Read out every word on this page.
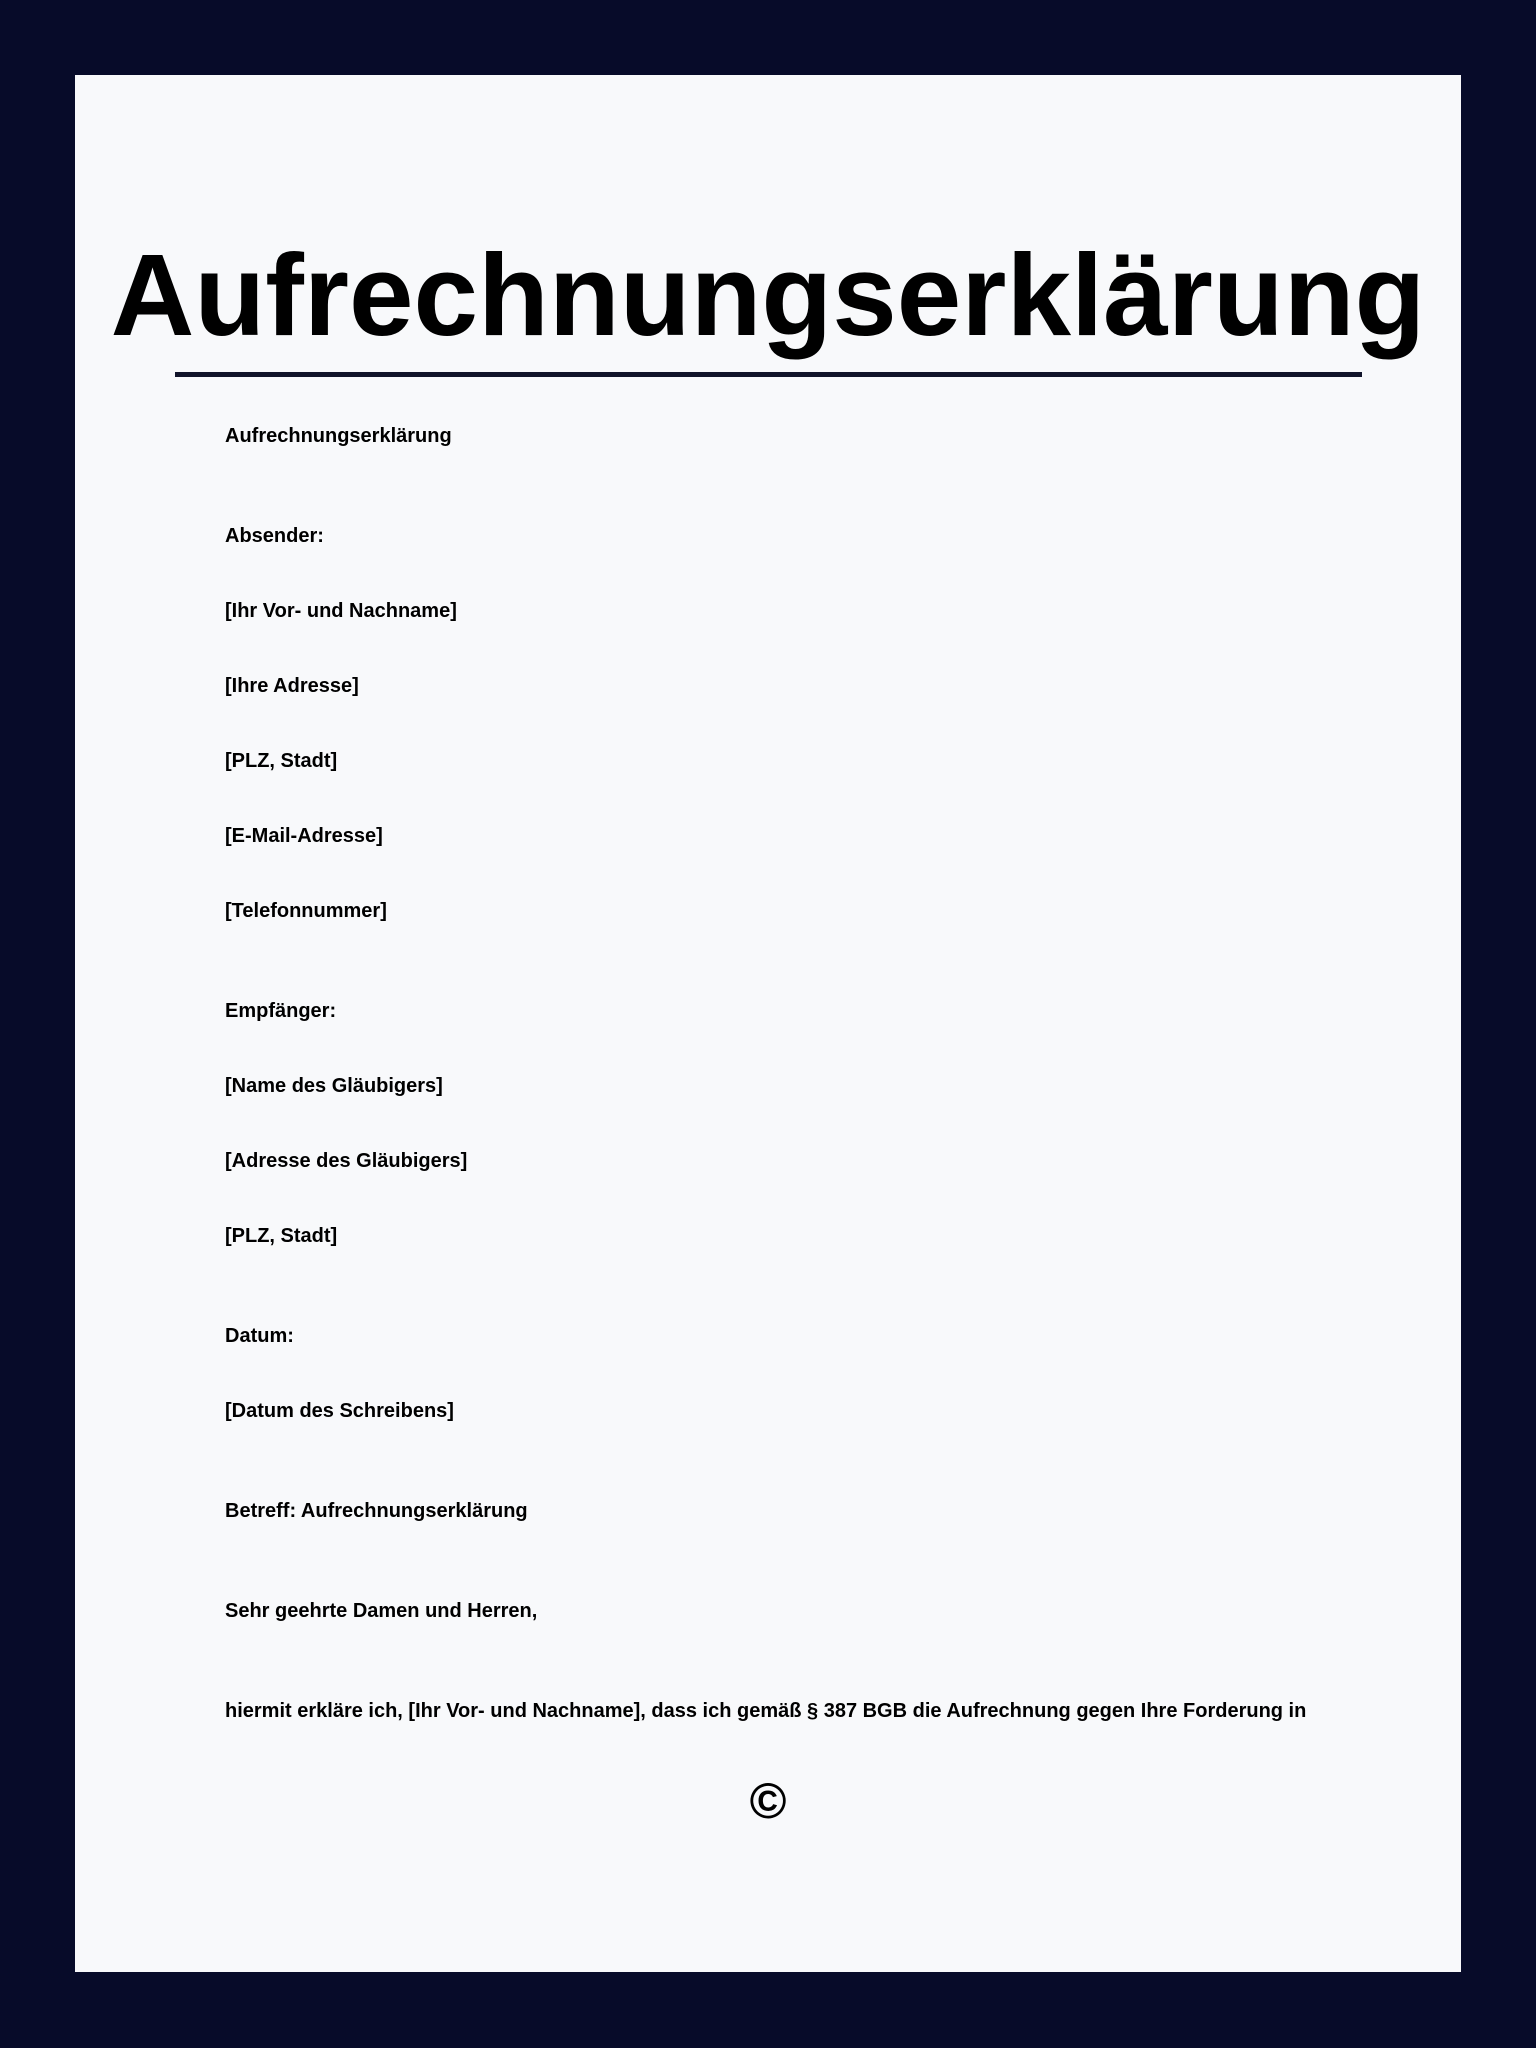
Aufrechnungserklärung

Aufrechnungserklärung

Absender:

[Ihr Vor- und Nachname]

[Ihre Adresse]

[PLZ, Stadt]

[E-Mail-Adresse]

[Telefonnummer]

Empfänger:

[Name des Gläubigers]

[Adresse des Gläubigers]

[PLZ, Stadt]

Datum:

[Datum des Schreibens]

Betreff: Aufrechnungserklärung

Sehr geehrte Damen und Herren,

hiermit erkläre ich, [Ihr Vor- und Nachname], dass ich gemäß § 387 BGB die Aufrechnung gegen Ihre Forderung in

©
